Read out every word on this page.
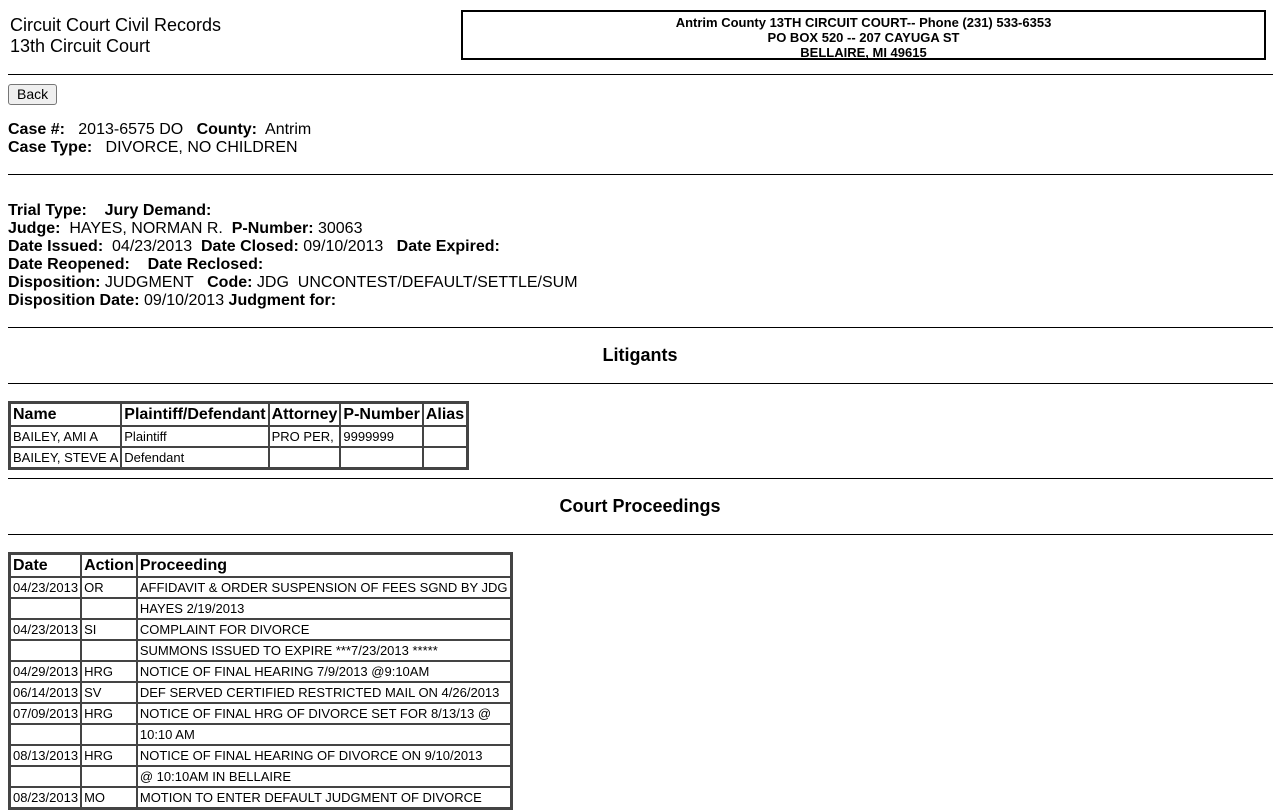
Circuit Court Civil Records
13th Circuit Court
Antrim County 13TH CIRCUIT COURT-- Phone (231) 533-6353
PO BOX 520 -- 207 CAYUGA ST
BELLAIRE, MI 49615
Back
Case #: 2013-6575 DO County: Antrim
Case Type: DIVORCE, NO CHILDREN
Trial Type: Jury Demand:
Judge: HAYES, NORMAN R. P-Number: 30063
Date Issued: 04/23/2013 Date Closed: 09/10/2013 Date Expired:
Date Reopened: Date Reclosed:
Disposition: JUDGMENT Code: JDG  UNCONTEST/DEFAULT/SETTLE/SUM
Disposition Date: 09/10/2013 Judgment for:
Litigants
Name	Plaintiff/Defendant	Attorney	P-Number	Alias
BAILEY, AMI A	Plaintiff	PRO PER,	9999999	
BAILEY, STEVE A	Defendant			
Court Proceedings
Date	Action	Proceeding
04/23/2013	OR	AFFIDAVIT & ORDER SUSPENSION OF FEES SGND BY JDG
		HAYES 2/19/2013
04/23/2013	SI	COMPLAINT FOR DIVORCE
		SUMMONS ISSUED TO EXPIRE ***7/23/2013 *****
04/29/2013	HRG	NOTICE OF FINAL HEARING 7/9/2013 @9:10AM
06/14/2013	SV	DEF SERVED CERTIFIED RESTRICTED MAIL ON 4/26/2013
07/09/2013	HRG	NOTICE OF FINAL HRG OF DIVORCE SET FOR 8/13/13 @
		10:10 AM
08/13/2013	HRG	NOTICE OF FINAL HEARING OF DIVORCE ON 9/10/2013
		@ 10:10AM IN BELLAIRE
08/23/2013	MO	MOTION TO ENTER DEFAULT JUDGMENT OF DIVORCE
